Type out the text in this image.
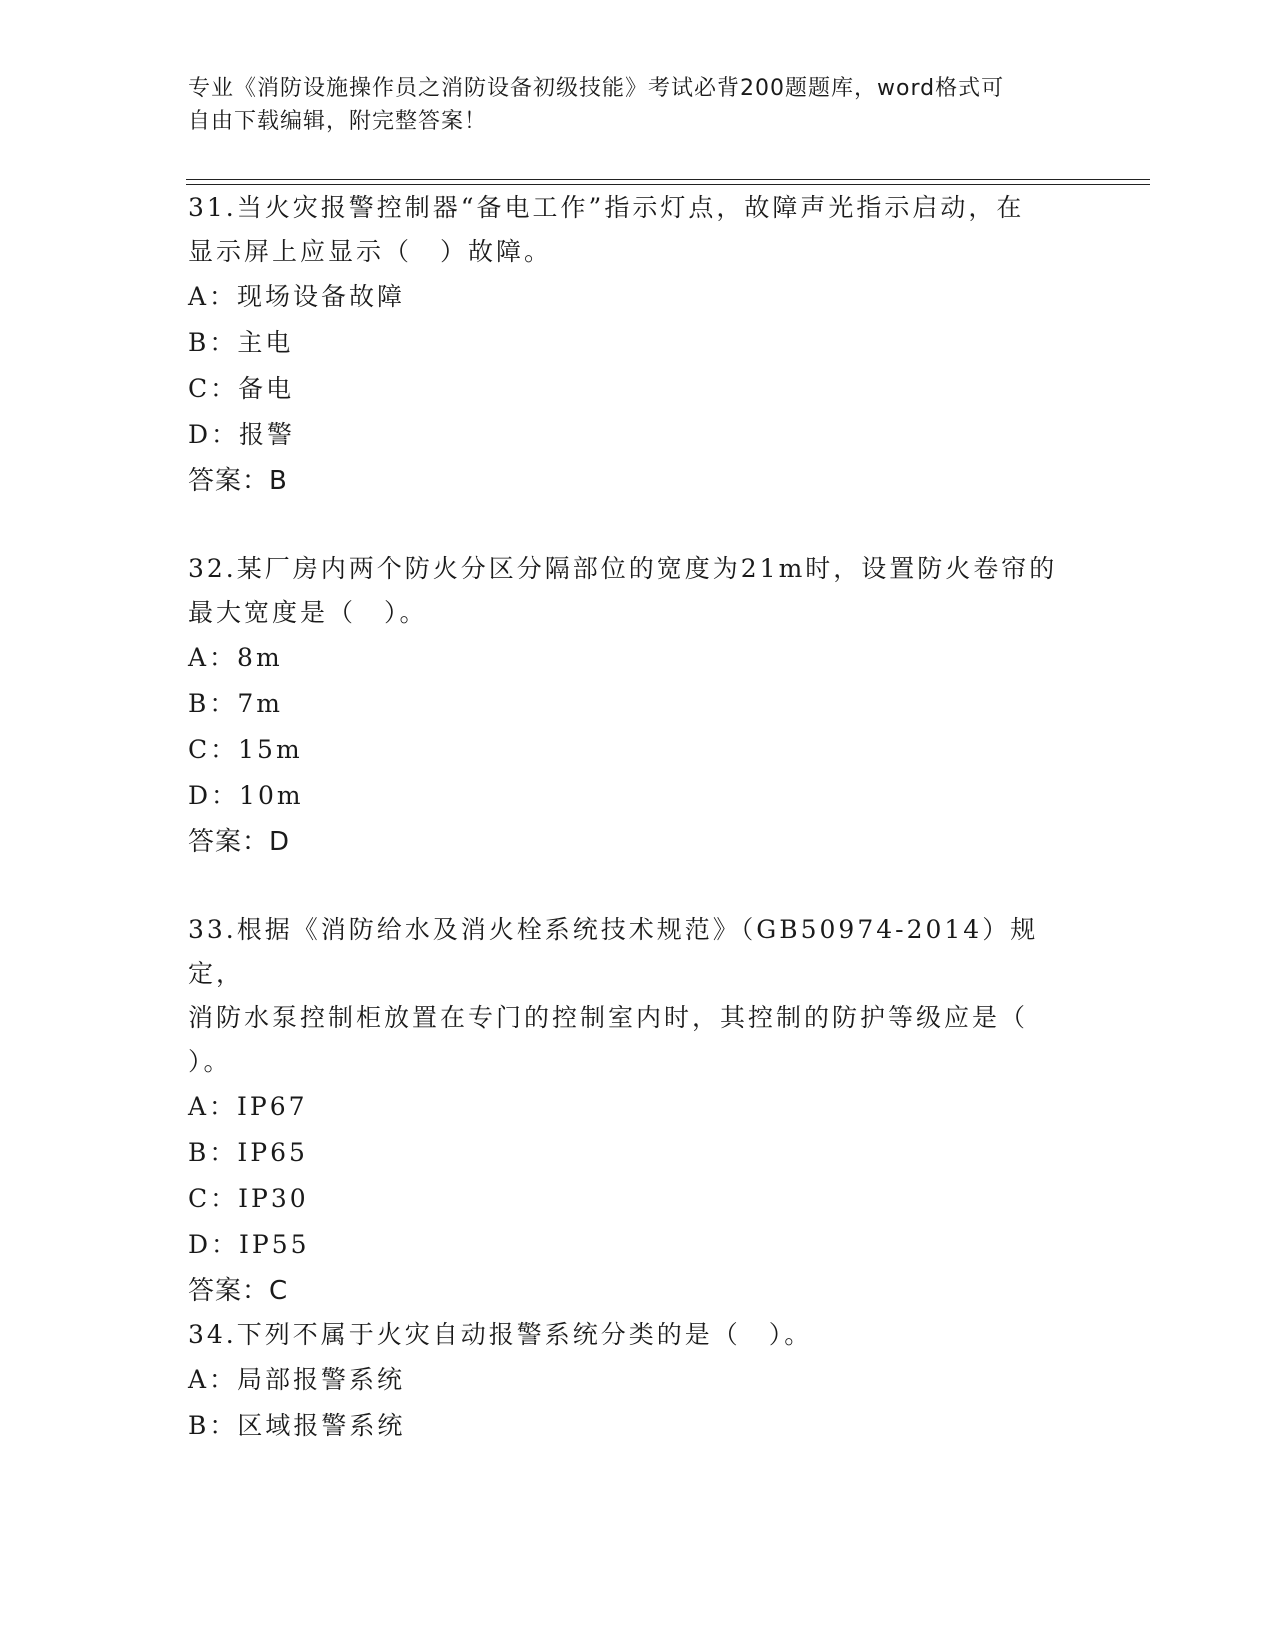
专业《消防设施操作员之消防设备初级技能》考试必背200题题库，word格式可
自由下载编辑，附完整答案！

31.当火灾报警控制器“备电工作”指示灯点，故障声光指示启动，在

显示屏上应显示（　）故障。

A：现场设备故障

B：主电

C：备电

D：报警

答案：B

32.某厂房内两个防火分区分隔部位的宽度为21m时，设置防火卷帘的

最大宽度是（　）。

A：8m

B：7m

C：15m

D：10m

答案：D

33.根据《消防给水及消火栓系统技术规范》（GB50974-2014）规定，

消防水泵控制柜放置在专门的控制室内时，其控制的防护等级应是（

）。

A：IP67

B：IP65

C：IP30

D：IP55

答案：C

34.下列不属于火灾自动报警系统分类的是（　）。

A：局部报警系统

B：区域报警系统
